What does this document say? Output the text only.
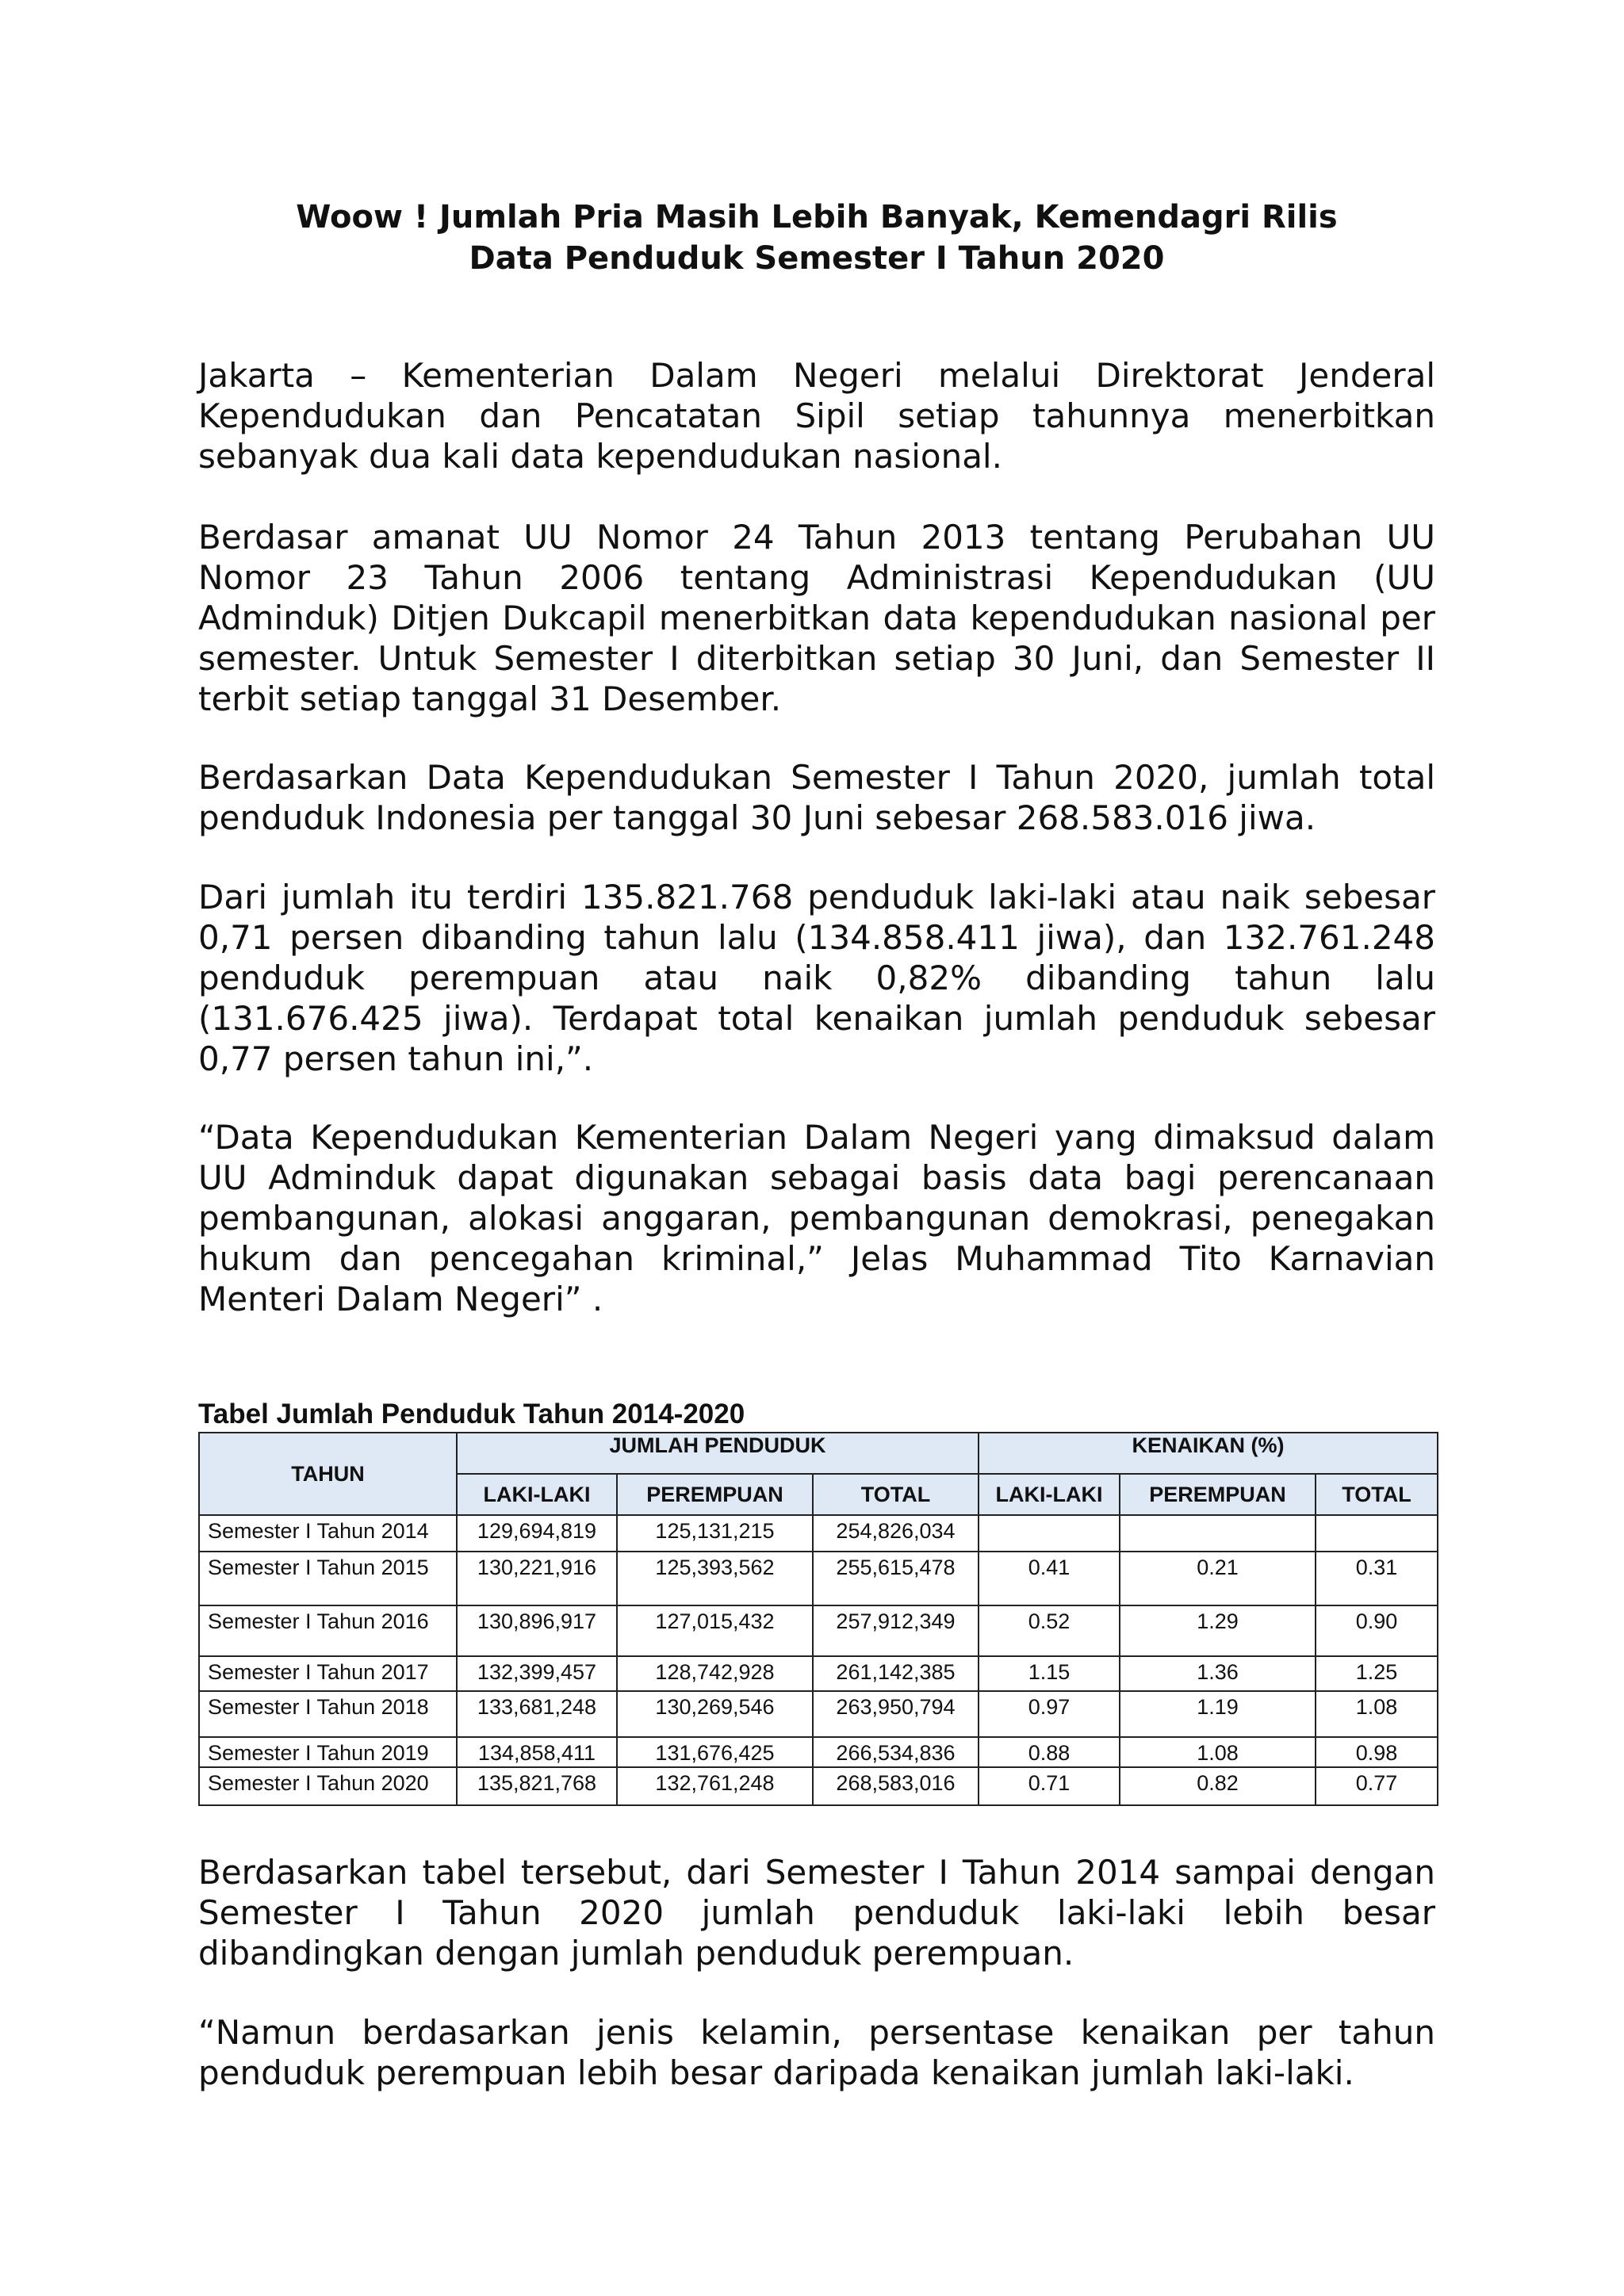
Woow ! Jumlah Pria Masih Lebih Banyak, Kemendagri Rilis
Data Penduduk Semester I Tahun 2020

Jakarta – Kementerian Dalam Negeri melalui Direktorat Jenderal Kependudukan dan Pencatatan Sipil setiap tahunnya menerbitkan sebanyak dua kali data kependudukan nasional.

Berdasar amanat UU Nomor 24 Tahun 2013 tentang Perubahan UU Nomor 23 Tahun 2006 tentang Administrasi Kependudukan (UU Adminduk) Ditjen Dukcapil menerbitkan data kependudukan nasional per semester. Untuk Semester I diterbitkan setiap 30 Juni, dan Semester II terbit setiap tanggal 31 Desember.

Berdasarkan Data Kependudukan Semester I Tahun 2020, jumlah total penduduk Indonesia per tanggal 30 Juni sebesar 268.583.016 jiwa.

Dari jumlah itu terdiri 135.821.768 penduduk laki-laki atau naik sebesar 0,71 persen dibanding tahun lalu (134.858.411 jiwa), dan 132.761.248 penduduk perempuan atau naik 0,82% dibanding tahun lalu (131.676.425 jiwa). Terdapat total kenaikan jumlah penduduk sebesar 0,77 persen tahun ini,”.

“Data Kependudukan Kementerian Dalam Negeri yang dimaksud dalam UU Adminduk dapat digunakan sebagai basis data bagi perencanaan pembangunan, alokasi anggaran, pembangunan demokrasi, penegakan hukum dan pencegahan kriminal,” Jelas Muhammad Tito Karnavian Menteri Dalam Negeri” .

Tabel Jumlah Penduduk Tahun 2014-2020

TAHUN	JUMLAH PENDUDUK			KENAIKAN (%)		
	LAKI-LAKI	PEREMPUAN	TOTAL	LAKI-LAKI	PEREMPUAN	TOTAL
Semester I Tahun 2014	129,694,819	125,131,215	254,826,034			
Semester I Tahun 2015	130,221,916	125,393,562	255,615,478	0.41	0.21	0.31
Semester I Tahun 2016	130,896,917	127,015,432	257,912,349	0.52	1.29	0.90
Semester I Tahun 2017	132,399,457	128,742,928	261,142,385	1.15	1.36	1.25
Semester I Tahun 2018	133,681,248	130,269,546	263,950,794	0.97	1.19	1.08
Semester I Tahun 2019	134,858,411	131,676,425	266,534,836	0.88	1.08	0.98
Semester I Tahun 2020	135,821,768	132,761,248	268,583,016	0.71	0.82	0.77

Berdasarkan tabel tersebut, dari Semester I Tahun 2014 sampai dengan Semester I Tahun 2020 jumlah penduduk laki-laki lebih besar dibandingkan dengan jumlah penduduk perempuan.

“Namun berdasarkan jenis kelamin, persentase kenaikan per tahun penduduk perempuan lebih besar daripada kenaikan jumlah laki-laki.
